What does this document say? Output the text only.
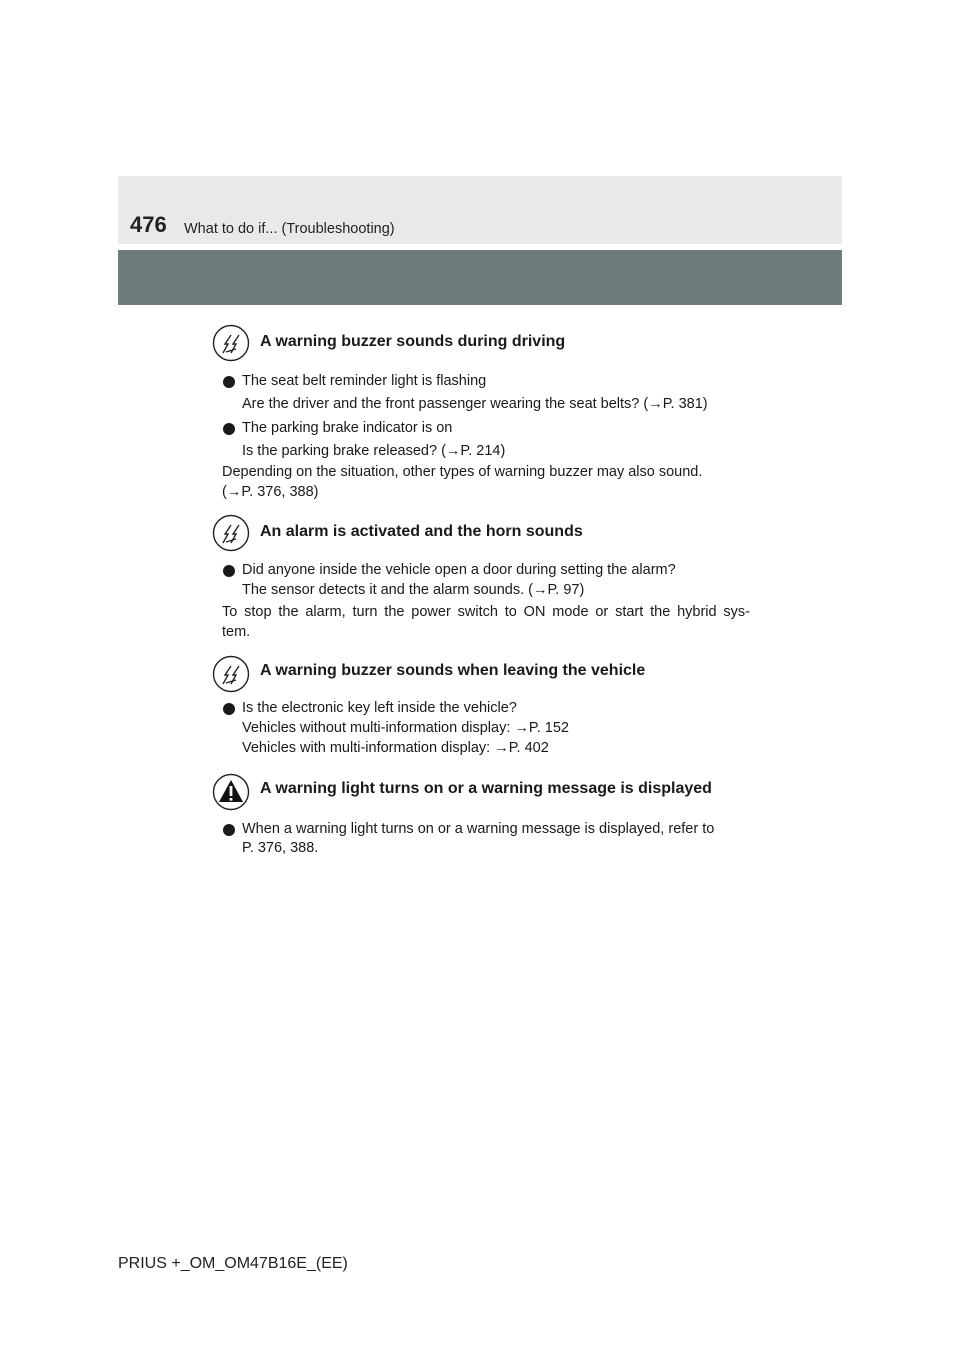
476 What to do if... (Troubleshooting)
A warning buzzer sounds during driving
The seat belt reminder light is flashing
Are the driver and the front passenger wearing the seat belts? (→P. 381)
The parking brake indicator is on
Is the parking brake released? (→P. 214)
Depending on the situation, other types of warning buzzer may also sound.
(→P. 376, 388)
An alarm is activated and the horn sounds
Did anyone inside the vehicle open a door during setting the alarm?
The sensor detects it and the alarm sounds. (→P. 97)
To stop the alarm, turn the power switch to ON mode or start the hybrid sys-
tem.
A warning buzzer sounds when leaving the vehicle
Is the electronic key left inside the vehicle?
Vehicles without multi-information display: →P. 152
Vehicles with multi-information display: →P. 402
A warning light turns on or a warning message is displayed
When a warning light turns on or a warning message is displayed, refer to
P. 376, 388.
PRIUS +_OM_OM47B16E_(EE)
